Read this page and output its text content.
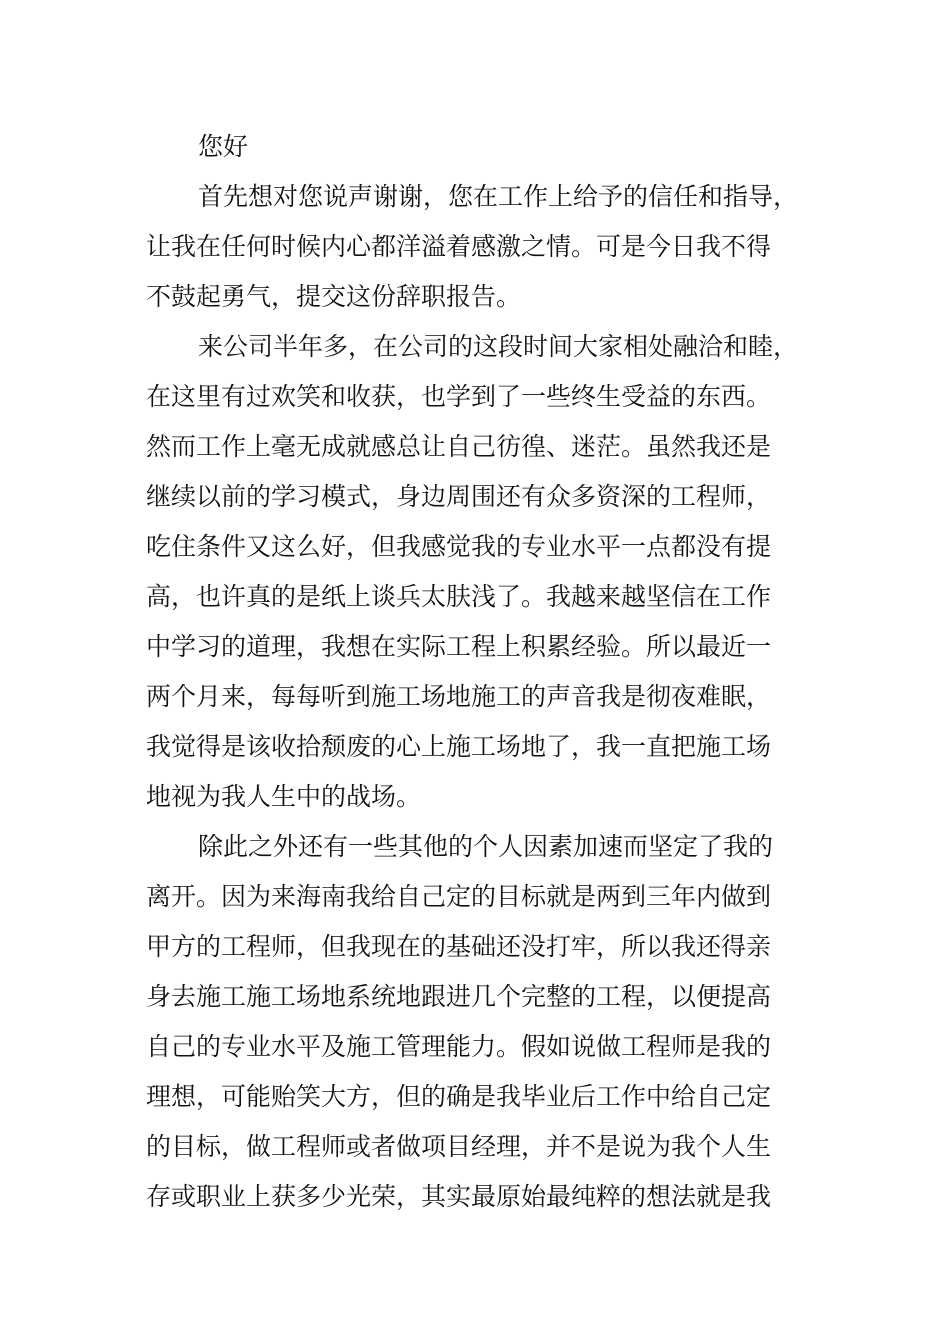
您好
首先想对您说声谢谢，您在工作上给予的信任和指导，
让我在任何时候内心都洋溢着感激之情。可是今日我不得
不鼓起勇气，提交这份辞职报告。
来公司半年多，在公司的这段时间大家相处融洽和睦，
在这里有过欢笑和收获，也学到了一些终生受益的东西。
然而工作上毫无成就感总让自己彷徨、迷茫。虽然我还是
继续以前的学习模式，身边周围还有众多资深的工程师，
吃住条件又这么好，但我感觉我的专业水平一点都没有提
高，也许真的是纸上谈兵太肤浅了。我越来越坚信在工作
中学习的道理，我想在实际工程上积累经验。所以最近一
两个月来，每每听到施工场地施工的声音我是彻夜难眠，
我觉得是该收拾颓废的心上施工场地了，我一直把施工场
地视为我人生中的战场。
除此之外还有一些其他的个人因素加速而坚定了我的
离开。因为来海南我给自己定的目标就是两到三年内做到
甲方的工程师，但我现在的基础还没打牢，所以我还得亲
身去施工施工场地系统地跟进几个完整的工程，以便提高
自己的专业水平及施工管理能力。假如说做工程师是我的
理想，可能贻笑大方，但的确是我毕业后工作中给自己定
的目标，做工程师或者做项目经理，并不是说为我个人生
存或职业上获多少光荣，其实最原始最纯粹的想法就是我
